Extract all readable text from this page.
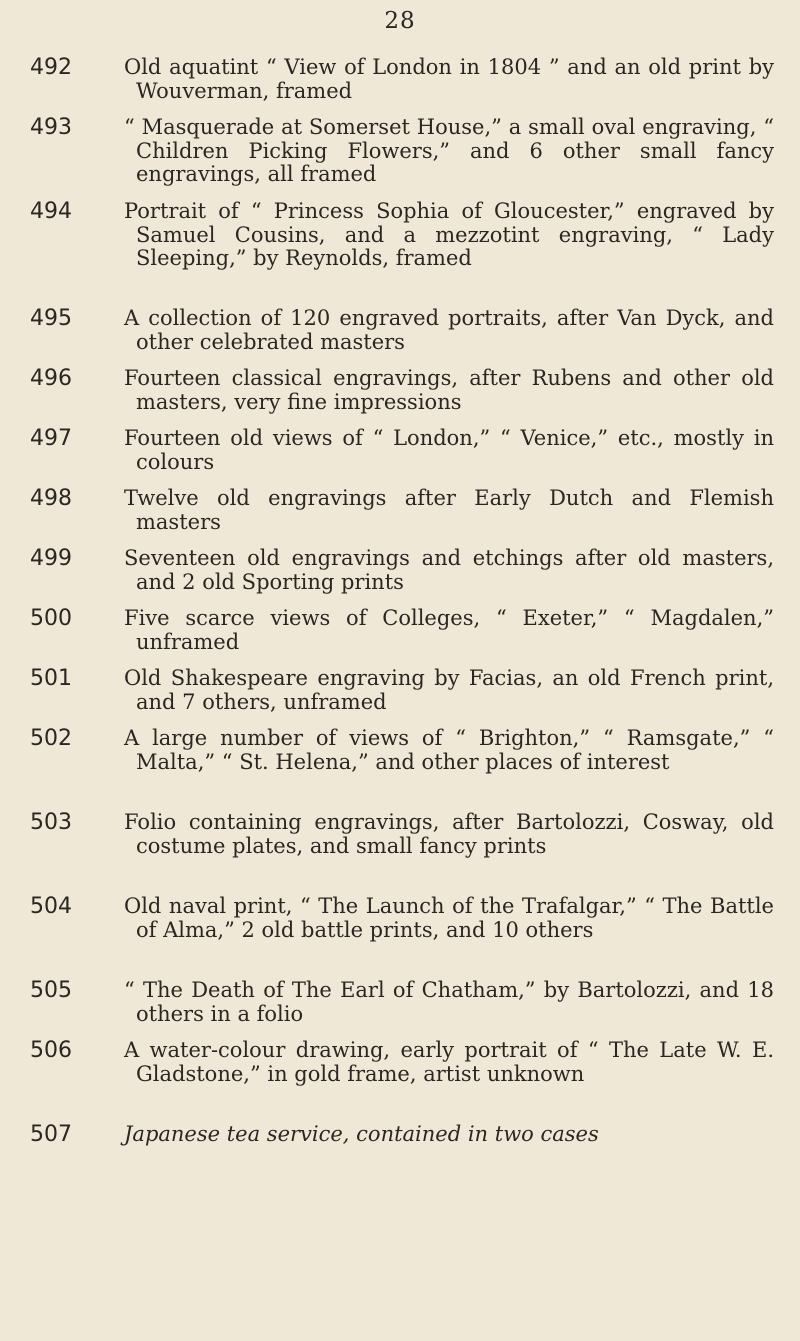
28
492 Old aquatint “ View of London in 1804 ” and an old print by Wouverman, framed
493 “ Masquerade at Somerset House,” a small oval engraving, “ Children Picking Flowers,” and 6 other small fancy engravings, all framed
494 Portrait of “ Princess Sophia of Gloucester,” engraved by Samuel Cousins, and a mezzotint engraving, “ Lady Sleeping,” by Reynolds, framed
495 A collection of 120 engraved portraits, after Van Dyck, and other celebrated masters
496 Fourteen classical engravings, after Rubens and other old masters, very fine impressions
497 Fourteen old views of “ London,” “ Venice,” etc., mostly in colours
498 Twelve old engravings after Early Dutch and Flemish masters
499 Seventeen old engravings and etchings after old masters, and 2 old Sporting prints
500 Five scarce views of Colleges, “ Exeter,” “ Magdalen,” unframed
501 Old Shakespeare engraving by Facias, an old French print, and 7 others, unframed
502 A large number of views of “ Brighton,” “ Ramsgate,” “ Malta,” “ St. Helena,” and other places of interest
503 Folio containing engravings, after Bartolozzi, Cosway, old costume plates, and small fancy prints
504 Old naval print, “ The Launch of the Trafalgar,” “ The Battle of Alma,” 2 old battle prints, and 10 others
505 “ The Death of The Earl of Chatham,” by Bartolozzi, and 18 others in a folio
506 A water-colour drawing, early portrait of “ The Late W. E. Gladstone,” in gold frame, artist unknown
507 Japanese tea service, contained in two cases
